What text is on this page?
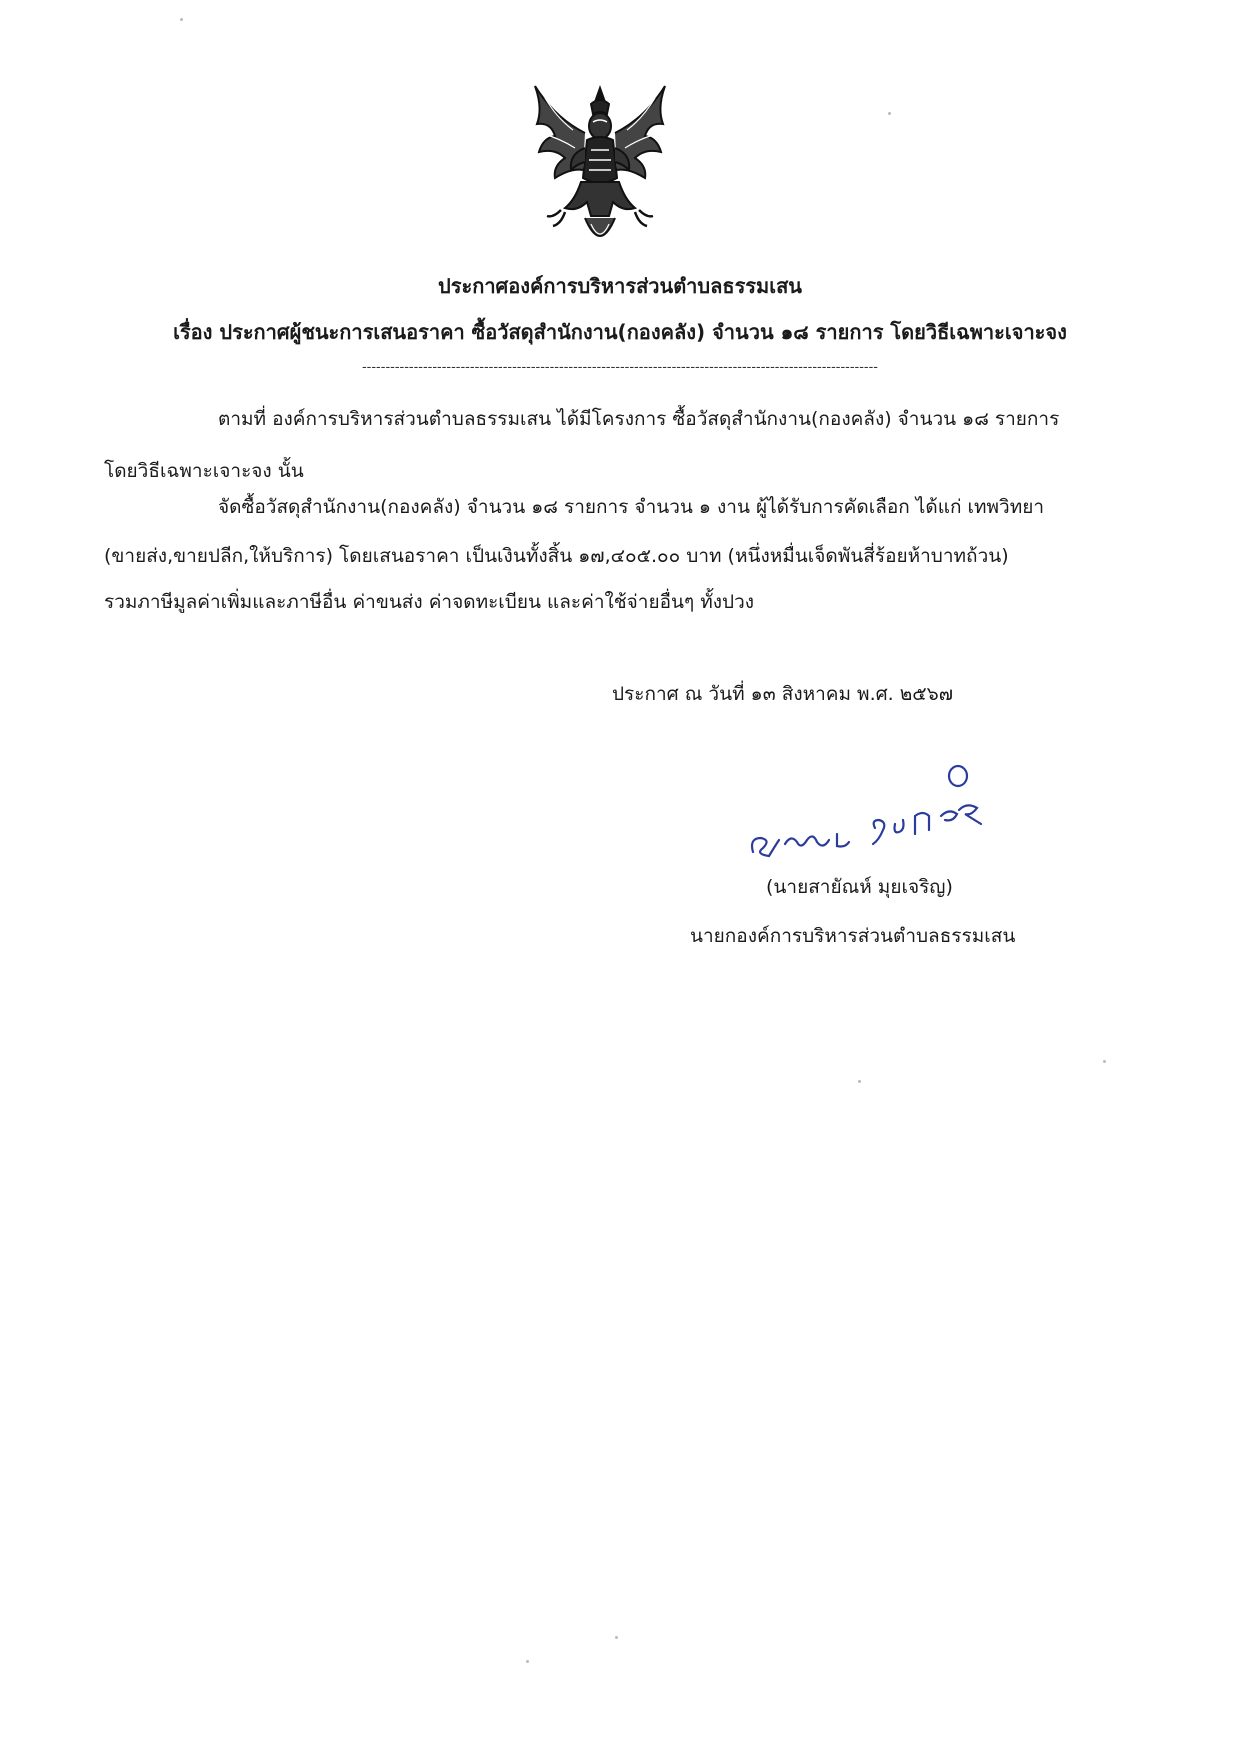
ประกาศองค์การบริหารส่วนตำบลธรรมเสน
เรื่อง ประกาศผู้ชนะการเสนอราคา ซื้อวัสดุสำนักงาน(กองคลัง) จำนวน ๑๘ รายการ โดยวิธีเฉพาะเจาะจง
--------------------------------------------------------------------------------------------------------------
ตามที่ องค์การบริหารส่วนตำบลธรรมเสน ได้มีโครงการ ซื้อวัสดุสำนักงาน(กองคลัง) จำนวน ๑๘ รายการ
โดยวิธีเฉพาะเจาะจง นั้น
จัดซื้อวัสดุสำนักงาน(กองคลัง) จำนวน ๑๘ รายการ จำนวน ๑ งาน ผู้ได้รับการคัดเลือก ได้แก่ เทพวิทยา
(ขายส่ง,ขายปลีก,ให้บริการ) โดยเสนอราคา เป็นเงินทั้งสิ้น ๑๗,๔๐๕.๐๐ บาท (หนึ่งหมื่นเจ็ดพันสี่ร้อยห้าบาทถ้วน)
รวมภาษีมูลค่าเพิ่มและภาษีอื่น ค่าขนส่ง ค่าจดทะเบียน และค่าใช้จ่ายอื่นๆ ทั้งปวง
ประกาศ ณ วันที่ ๑๓ สิงหาคม พ.ศ. ๒๕๖๗
(นายสายัณห์ มุยเจริญ)
นายกองค์การบริหารส่วนตำบลธรรมเสน
